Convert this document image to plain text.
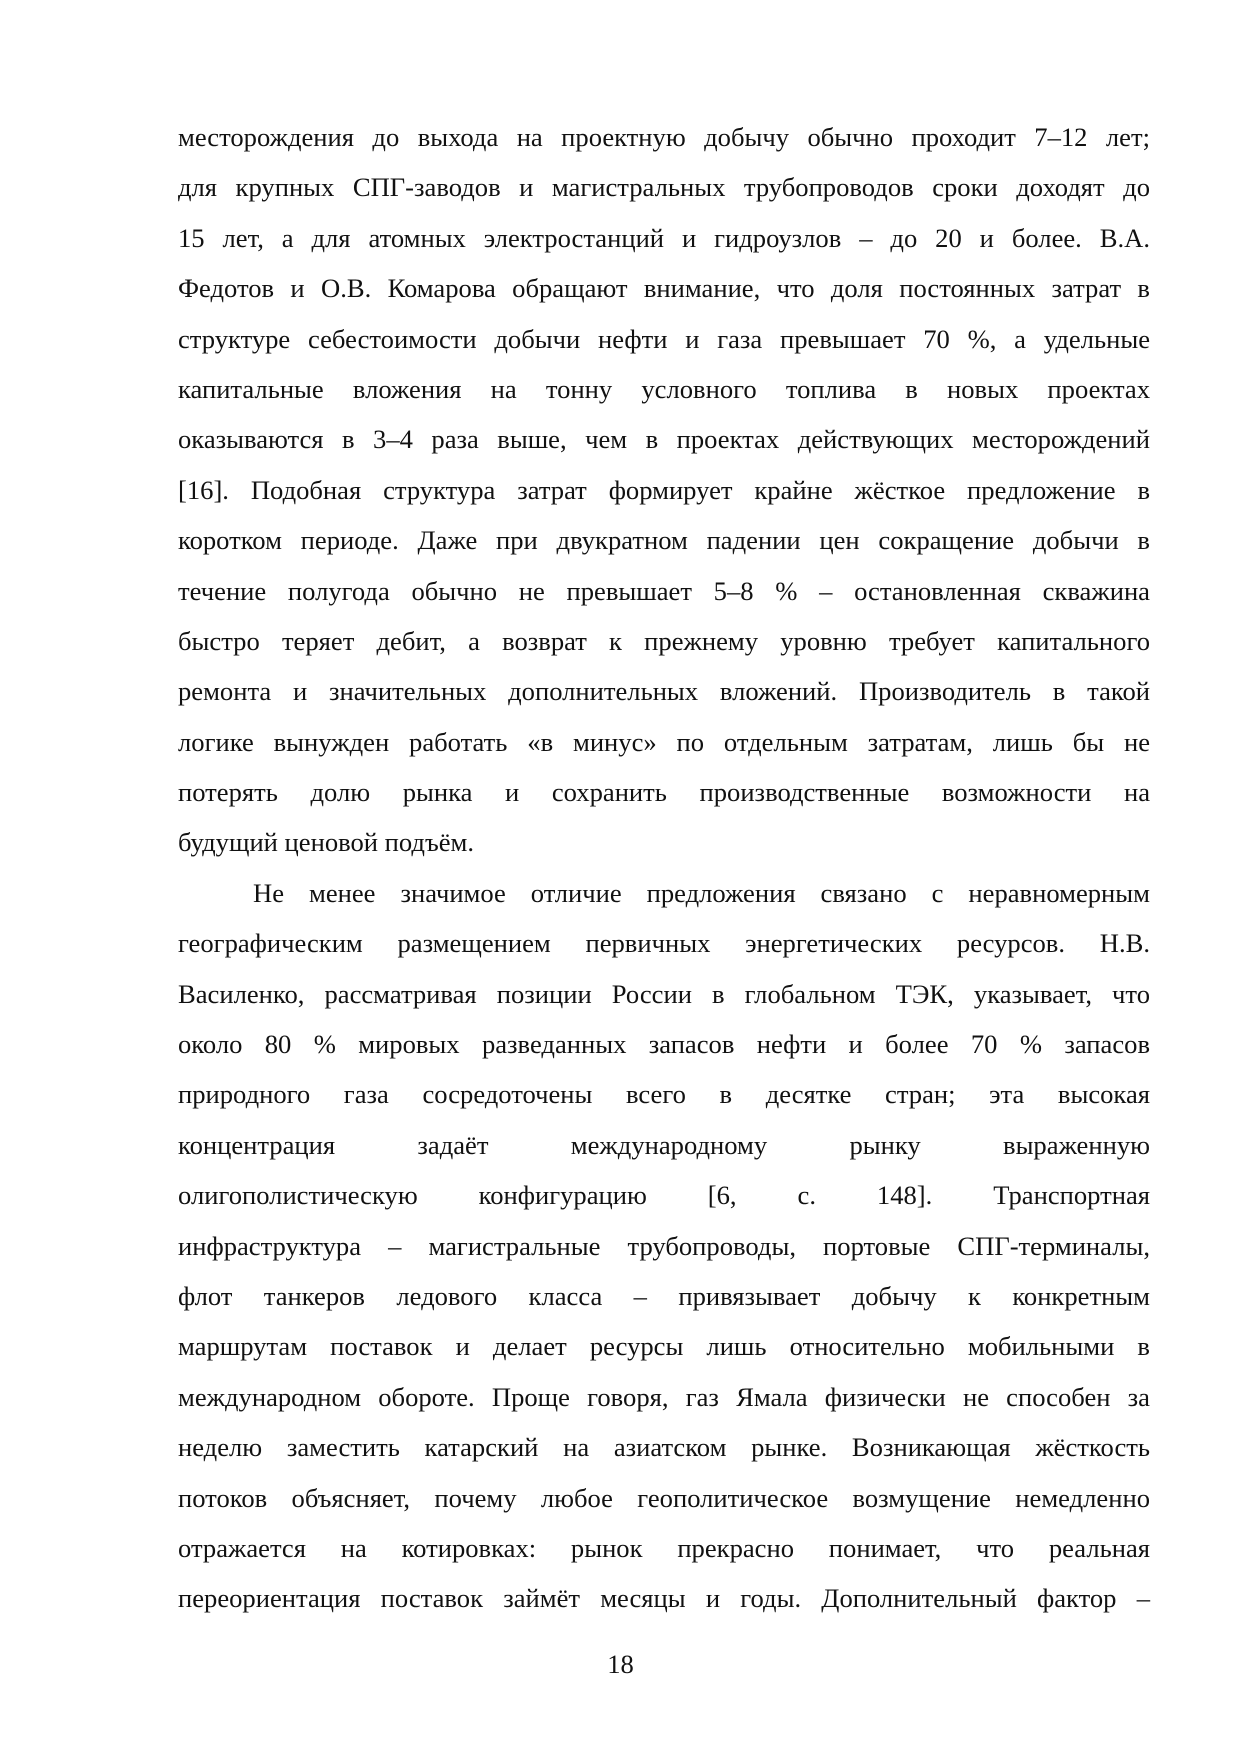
месторождения до выхода на проектную добычу обычно проходит 7–12 лет;
для крупных СПГ-заводов и магистральных трубопроводов сроки доходят до
15 лет, а для атомных электростанций и гидроузлов – до 20 и более. В.А.
Федотов и О.В. Комарова обращают внимание, что доля постоянных затрат в
структуре себестоимости добычи нефти и газа превышает 70 %, а удельные
капитальные вложения на тонну условного топлива в новых проектах
оказываются в 3–4 раза выше, чем в проектах действующих месторождений
[16]. Подобная структура затрат формирует крайне жёсткое предложение в
коротком периоде. Даже при двукратном падении цен сокращение добычи в
течение полугода обычно не превышает 5–8 % – остановленная скважина
быстро теряет дебит, а возврат к прежнему уровню требует капитального
ремонта и значительных дополнительных вложений. Производитель в такой
логике вынужден работать «в минус» по отдельным затратам, лишь бы не
потерять долю рынка и сохранить производственные возможности на
будущий ценовой подъём.
Не менее значимое отличие предложения связано с неравномерным
географическим размещением первичных энергетических ресурсов. Н.В.
Василенко, рассматривая позиции России в глобальном ТЭК, указывает, что
около 80 % мировых разведанных запасов нефти и более 70 % запасов
природного газа сосредоточены всего в десятке стран; эта высокая
концентрация задаёт международному рынку выраженную
олигополистическую конфигурацию [6, с. 148]. Транспортная
инфраструктура – магистральные трубопроводы, портовые СПГ-терминалы,
флот танкеров ледового класса – привязывает добычу к конкретным
маршрутам поставок и делает ресурсы лишь относительно мобильными в
международном обороте. Проще говоря, газ Ямала физически не способен за
неделю заместить катарский на азиатском рынке. Возникающая жёсткость
потоков объясняет, почему любое геополитическое возмущение немедленно
отражается на котировках: рынок прекрасно понимает, что реальная
переориентация поставок займёт месяцы и годы. Дополнительный фактор –
18
